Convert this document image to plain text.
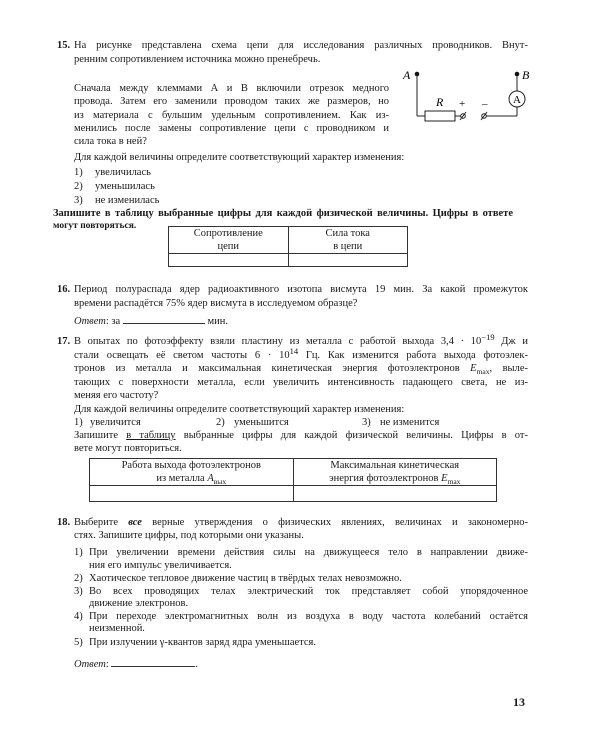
15. На рисунке представлена схема цепи для исследования различных проводников. Внут-
ренним сопротивлением источника можно пренебречь.
Сначала между клеммами А и В включили отрезок медного
провода. Затем его заменили проводом таких же размеров, но
из материала с бульшим удельным сопротивлением. Как из-
менились после замены сопротивление цепи с проводником и
сила тока в ней?
A
R + – A
B
Для каждой величины определите соответствующий характер изменения:
1) увеличилась
2) уменьшилась
3) не изменилась
Запишите в таблицу выбранные цифры для каждой физической величины. Цифры в ответе
могут повторяться.
Сопротивление
цепи	Сила тока
в цепи

16. Период полураспада ядер радиоактивного изотопа висмута 19 мин. За какой промежуток
времени распадётся 75% ядер висмута в исследуемом образце?
Ответ: за	мин.
17. В опытах по фотоэффекту взяли пластину из металла с работой выхода $3,4 \cdot 10^{-19}$ Дж и
стали освещать её светом частоты $6 \cdot 10^{14}$ Гц. Как изменится работа выхода фотоэлек-
тронов из металла и максимальная кинетическая энергия фотоэлектронов $E_{max}$, выле-
тающих с поверхности металла, если увеличить интенсивность падающего света, не из-
меняя его частоту?
Для каждой величины определите соответствующий характер изменения:
1) увеличится	2) уменьшится	3) не изменится
Запишите в таблицу выбранные цифры для каждой физической величины. Цифры в от-
вете могут повториться.
Работа выхода фотоэлектронов
из металла $A_{вых}$	Максимальная кинетическая
энергия фотоэлектронов $E_{max}$

18. Выберите все верные утверждения о физических явлениях, величинах и закономерно-
стях. Запишите цифры, под которыми они указаны.
1) При увеличении времени действия силы на движущееся тело в направлении движе-
ния его импульс увеличивается.
2) Хаотическое тепловое движение частиц в твёрдых телах невозможно.
3) Во всех проводящих телах электрический ток представляет собой упорядоченное
движение электронов.
4) При переходе электромагнитных волн из воздуха в воду частота колебаний остаётся
неизменной.
5) При излучении γ-квантов заряд ядра уменьшается.
Ответ:	.
13
